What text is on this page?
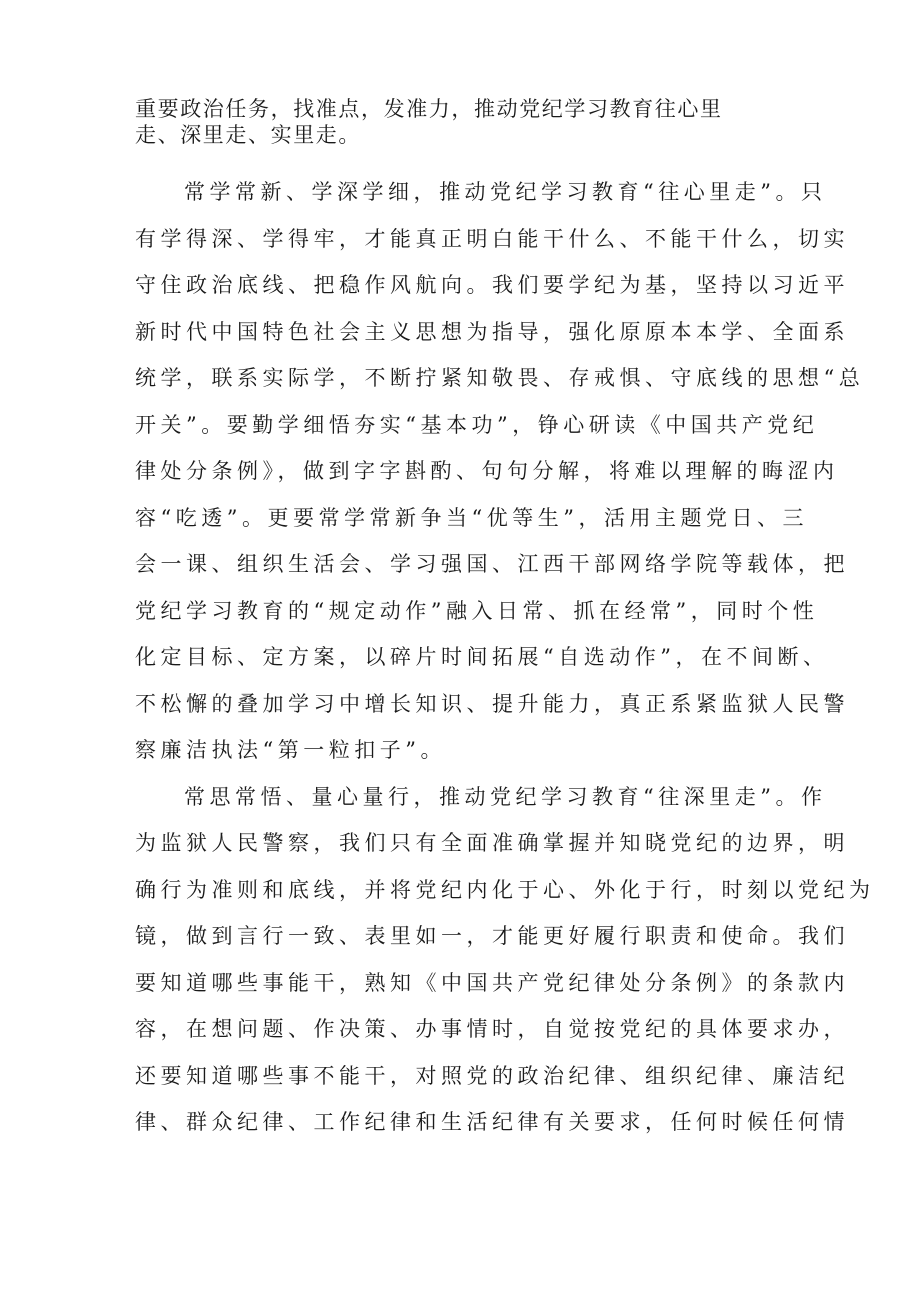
重要政治任务，找准点，发准力，推动党纪学习教育往心里

走、深里走、实里走。

常学常新、学深学细，推动党纪学习教育“往心里走”。只

有学得深、学得牢，才能真正明白能干什么、不能干什么，切实

守住政治底线、把稳作风航向。我们要学纪为基，坚持以习近平

新时代中国特色社会主义思想为指导，强化原原本本学、全面系

统学，联系实际学，不断拧紧知敬畏、存戒惧、守底线的思想“总

开关”。要勤学细悟夯实“基本功”，铮心研读《中国共产党纪

律处分条例》，做到字字斟酌、句句分解，将难以理解的晦涩内

容“吃透”。更要常学常新争当“优等生”，活用主题党日、三

会一课、组织生活会、学习强国、江西干部网络学院等载体，把

党纪学习教育的“规定动作”融入日常、抓在经常”，同时个性

化定目标、定方案，以碎片时间拓展“自选动作”，在不间断、

不松懈的叠加学习中增长知识、提升能力，真正系紧监狱人民警

察廉洁执法“第一粒扣子”。

常思常悟、量心量行，推动党纪学习教育“往深里走”。作

为监狱人民警察，我们只有全面准确掌握并知晓党纪的边界，明

确行为准则和底线，并将党纪内化于心、外化于行，时刻以党纪为

镜，做到言行一致、表里如一，才能更好履行职责和使命。我们

要知道哪些事能干，熟知《中国共产党纪律处分条例》的条款内

容，在想问题、作决策、办事情时，自觉按党纪的具体要求办，

还要知道哪些事不能干，对照党的政治纪律、组织纪律、廉洁纪

律、群众纪律、工作纪律和生活纪律有关要求，任何时候任何情
